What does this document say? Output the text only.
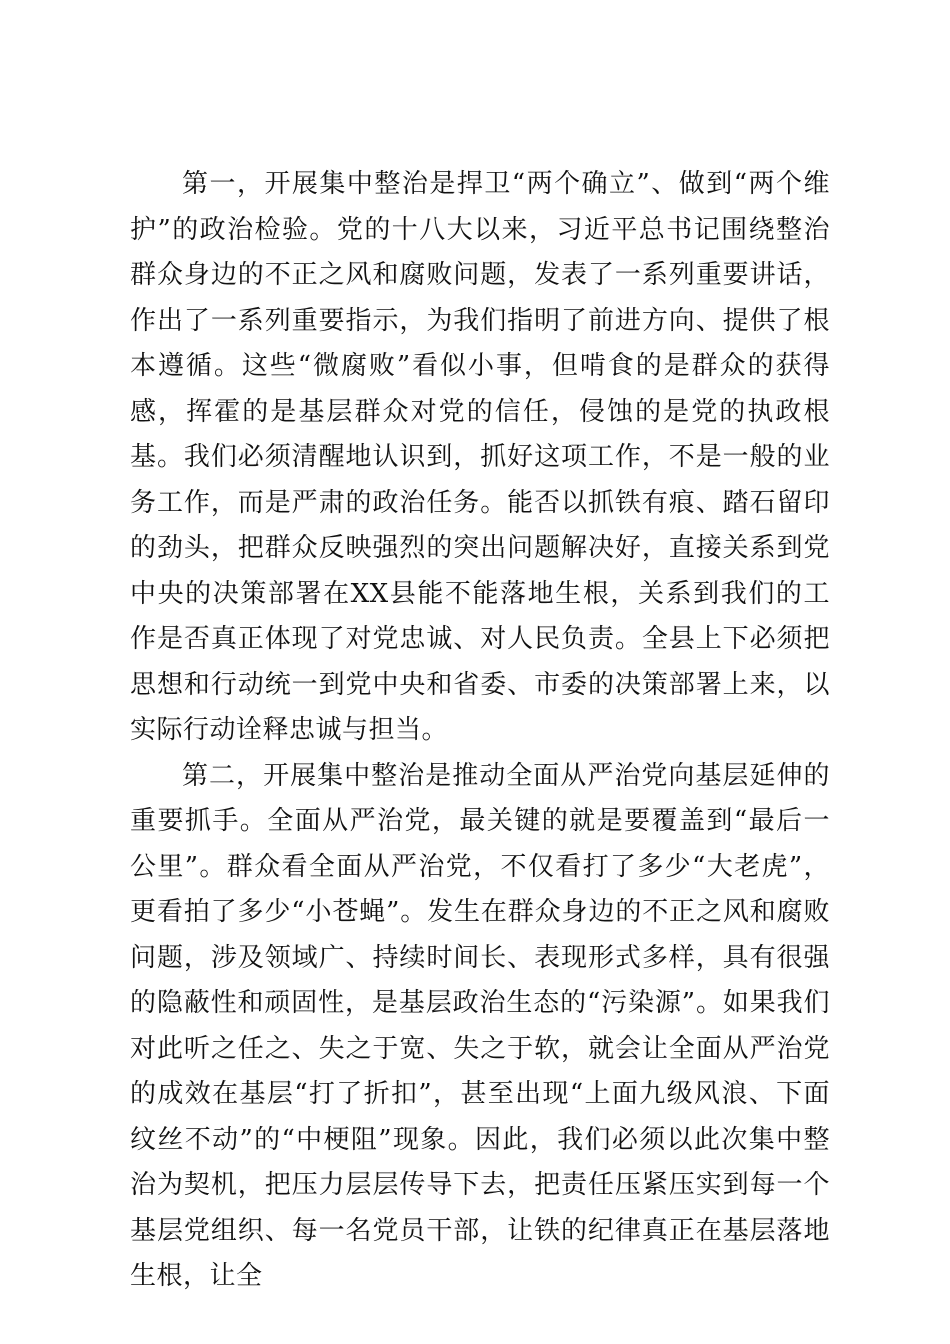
第一，开展集中整治是捍卫“两个确立”、做到“两个维护”的政治检验。党的十八大以来，习近平总书记围绕整治群众身边的不正之风和腐败问题，发表了一系列重要讲话，作出了一系列重要指示，为我们指明了前进方向、提供了根本遵循。这些“微腐败”看似小事，但啃食的是群众的获得感，挥霍的是基层群众对党的信任，侵蚀的是党的执政根基。我们必须清醒地认识到，抓好这项工作，不是一般的业务工作，而是严肃的政治任务。能否以抓铁有痕、踏石留印的劲头，把群众反映强烈的突出问题解决好，直接关系到党中央的决策部署在XX县能不能落地生根，关系到我们的工作是否真正体现了对党忠诚、对人民负责。全县上下必须把思想和行动统一到党中央和省委、市委的决策部署上来，以实际行动诠释忠诚与担当。

第二，开展集中整治是推动全面从严治党向基层延伸的重要抓手。全面从严治党，最关键的就是要覆盖到“最后一公里”。群众看全面从严治党，不仅看打了多少“大老虎”，更看拍了多少“小苍蝇”。发生在群众身边的不正之风和腐败问题，涉及领域广、持续时间长、表现形式多样，具有很强的隐蔽性和顽固性，是基层政治生态的“污染源”。如果我们对此听之任之、失之于宽、失之于软，就会让全面从严治党的成效在基层“打了折扣”，甚至出现“上面九级风浪、下面纹丝不动”的“中梗阻”现象。因此，我们必须以此次集中整治为契机，把压力层层传导下去，把责任压紧压实到每一个基层党组织、每一名党员干部，让铁的纪律真正在基层落地生根，让全
